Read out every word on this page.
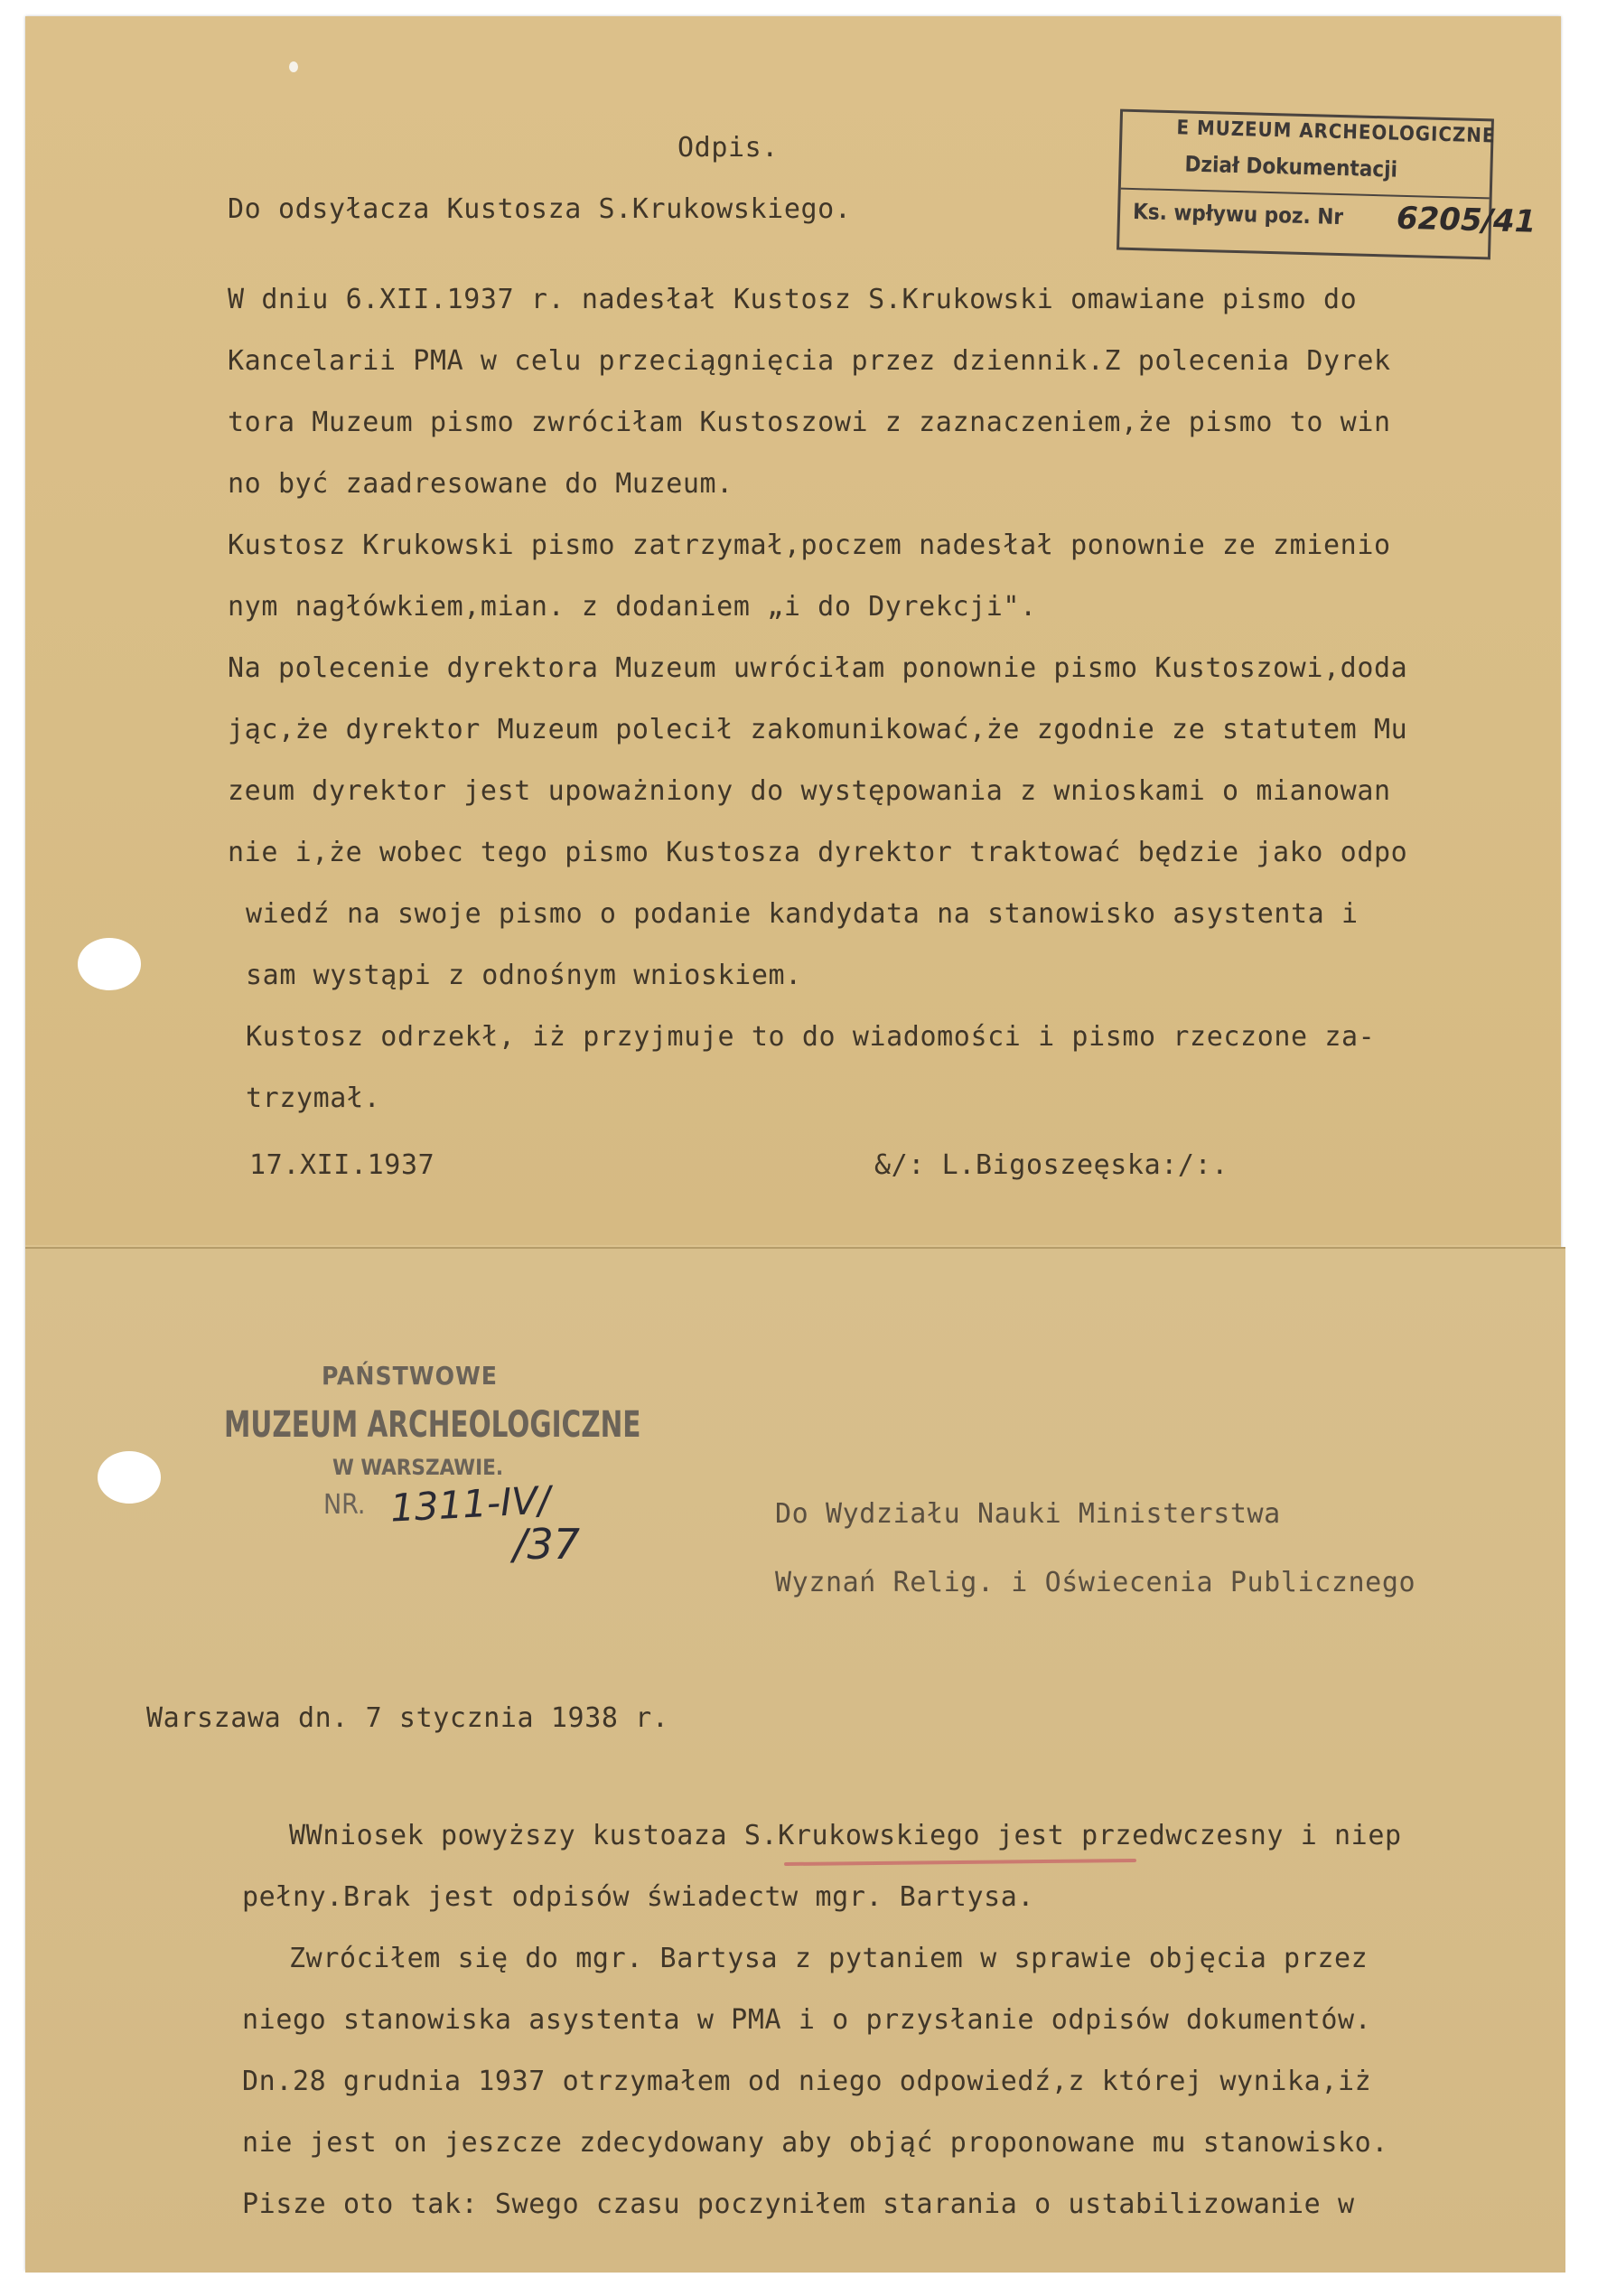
Odpis.
Do odsyłacza Kustosza S.Krukowskiego.
W dniu 6.XII.1937 r. nadesłał Kustosz S.Krukowski omawiane pismo do
Kancelarii PMA w celu przeciągnięcia przez dziennik.Z polecenia Dyrek
tora Muzeum pismo zwróciłam Kustoszowi z zaznaczeniem,że pismo to win
no być zaadresowane do Muzeum.
Kustosz Krukowski pismo zatrzymał,poczem nadesłał ponownie ze zmienio
nym nagłówkiem,mian. z dodaniem „i do Dyrekcji".
Na polecenie dyrektora Muzeum uwróciłam ponownie pismo Kustoszowi,doda
jąc,że dyrektor Muzeum polecił zakomunikować,że zgodnie ze statutem Mu
zeum dyrektor jest upoważniony do występowania z wnioskami o mianowan
nie i,że wobec tego pismo Kustosza dyrektor traktować będzie jako odpo
wiedź na swoje pismo o podanie kandydata na stanowisko asystenta i
sam wystąpi z odnośnym wnioskiem.
Kustosz odrzekł, iż przyjmuje to do wiadomości i pismo rzeczone za-
trzymał.
17.XII.1937	&/: L.Bigoszeęska:/:.
E MUZEUM ARCHEOLOGICZNE
Dział Dokumentacji
Ks. wpływu poz. Nr 6205/41
PAŃSTWOWE
MUZEUM ARCHEOLOGICZNE
W WARSZAWIE.
NR. 1311-IV/
/37
Do Wydziału Nauki Ministerstwa
Wyznań Relig. i Oświecenia Publicznego
Warszawa dn. 7 stycznia 1938 r.
WWniosek powyższy kustoaza S.Krukowskiego jest przedwczesny i niep
pełny.Brak jest odpisów świadectw mgr. Bartysa.
Zwróciłem się do mgr. Bartysa z pytaniem w sprawie objęcia przez
niego stanowiska asystenta w PMA i o przysłanie odpisów dokumentów.
Dn.28 grudnia 1937 otrzymałem od niego odpowiedź,z której wynika,iż
nie jest on jeszcze zdecydowany aby objąć proponowane mu stanowisko.
Pisze oto tak: Swego czasu poczyniłem starania o ustabilizowanie w
